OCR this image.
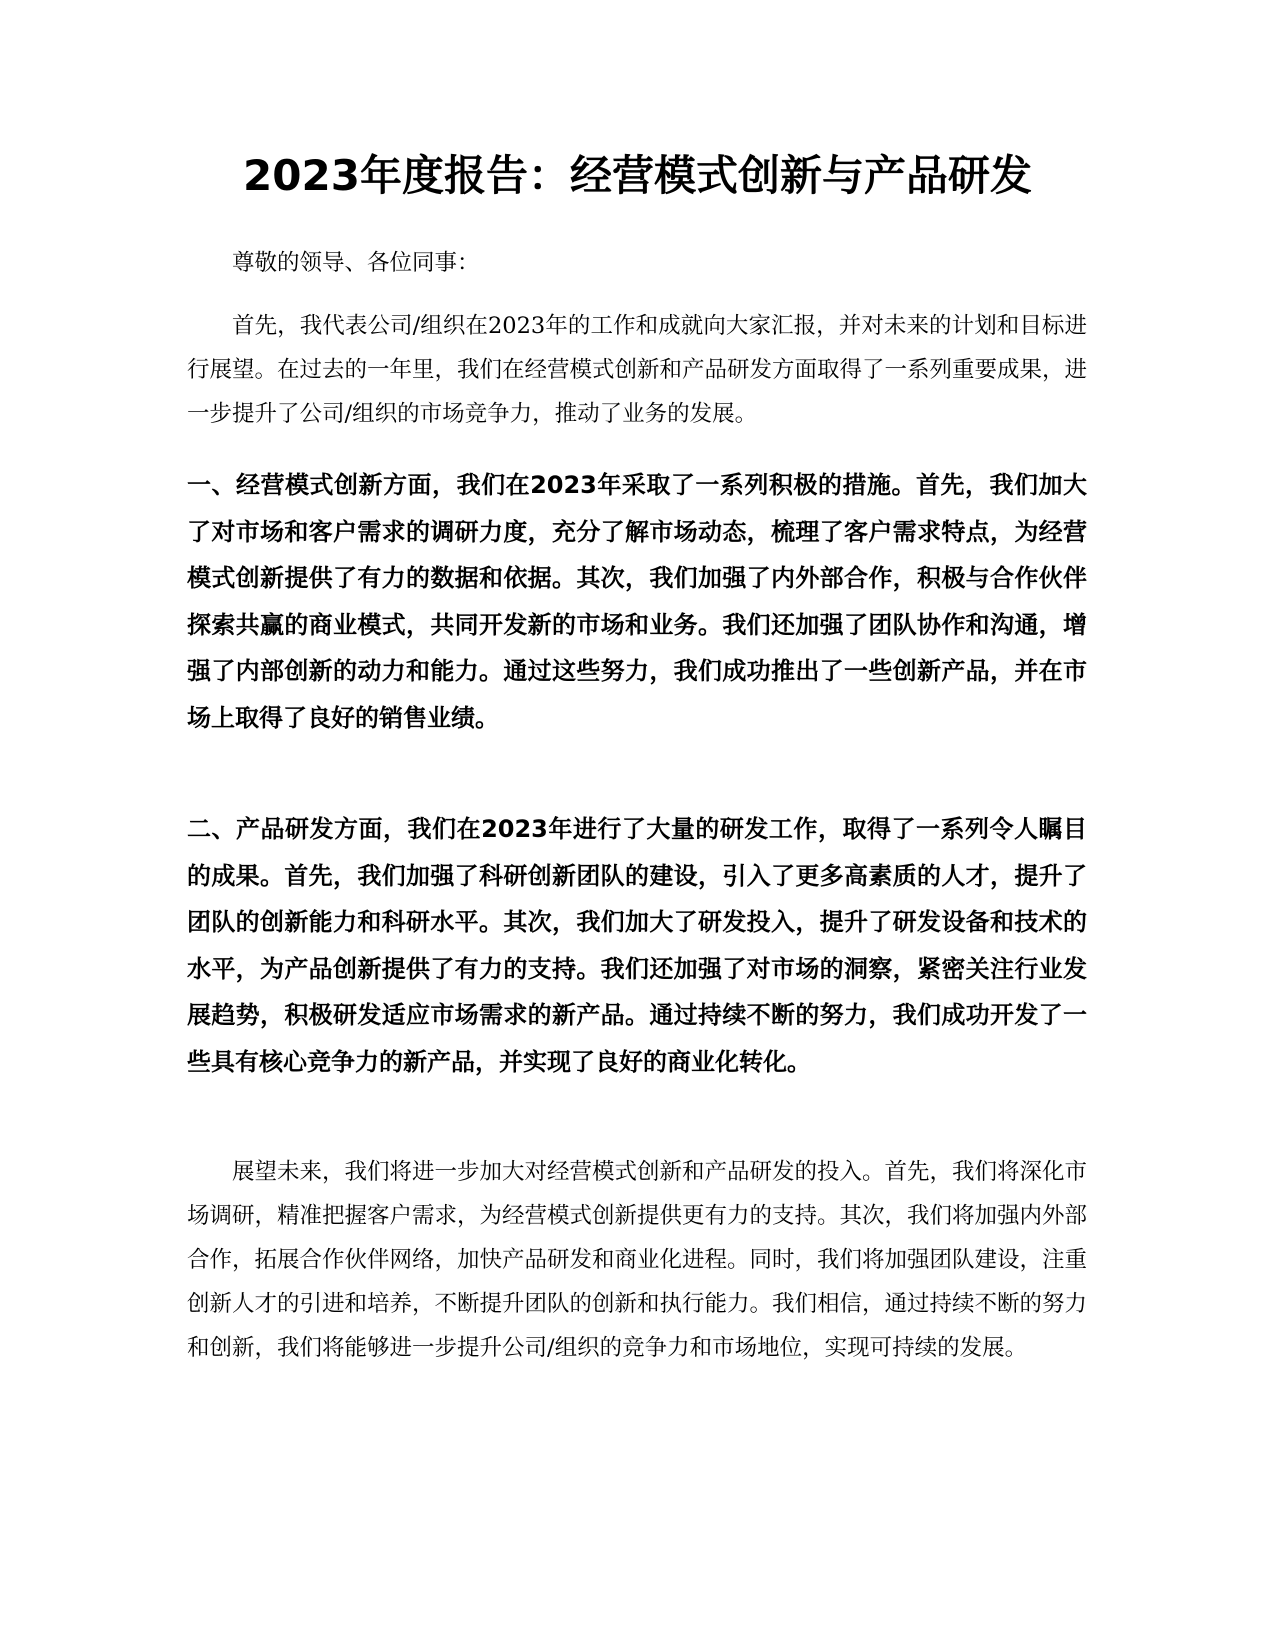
2023年度报告：经营模式创新与产品研发

尊敬的领导、各位同事：

首先，我代表公司/组织在2023年的工作和成就向大家汇报，并对未来的计划和目标进行展望。在过去的一年里，我们在经营模式创新和产品研发方面取得了一系列重要成果，进一步提升了公司/组织的市场竞争力，推动了业务的发展。

一、经营模式创新方面，我们在2023年采取了一系列积极的措施。首先，我们加大了对市场和客户需求的调研力度，充分了解市场动态，梳理了客户需求特点，为经营模式创新提供了有力的数据和依据。其次，我们加强了内外部合作，积极与合作伙伴探索共赢的商业模式，共同开发新的市场和业务。我们还加强了团队协作和沟通，增强了内部创新的动力和能力。通过这些努力，我们成功推出了一些创新产品，并在市场上取得了良好的销售业绩。

二、产品研发方面，我们在2023年进行了大量的研发工作，取得了一系列令人瞩目的成果。首先，我们加强了科研创新团队的建设，引入了更多高素质的人才，提升了团队的创新能力和科研水平。其次，我们加大了研发投入，提升了研发设备和技术的水平，为产品创新提供了有力的支持。我们还加强了对市场的洞察，紧密关注行业发展趋势，积极研发适应市场需求的新产品。通过持续不断的努力，我们成功开发了一些具有核心竞争力的新产品，并实现了良好的商业化转化。

展望未来，我们将进一步加大对经营模式创新和产品研发的投入。首先，我们将深化市场调研，精准把握客户需求，为经营模式创新提供更有力的支持。其次，我们将加强内外部合作，拓展合作伙伴网络，加快产品研发和商业化进程。同时，我们将加强团队建设，注重创新人才的引进和培养，不断提升团队的创新和执行能力。我们相信，通过持续不断的努力和创新，我们将能够进一步提升公司/组织的竞争力和市场地位，实现可持续的发展。
